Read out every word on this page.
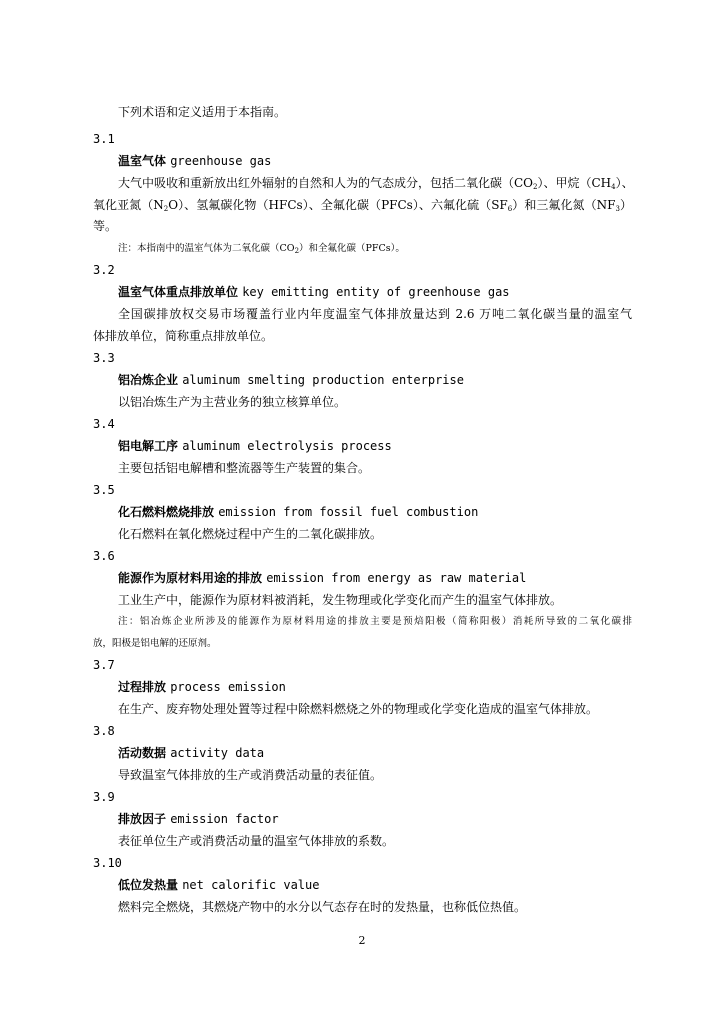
下列术语和定义适用于本指南。
3.1
温室气体 greenhouse gas
大气中吸收和重新放出红外辐射的自然和人为的气态成分，包括二氧化碳$(CO_2)$、甲烷$(CH_4)$、
氧化亚氮$(N_2O)$、氢氟碳化物（HFCs）、全氟化碳（PFCs）、六氟化硫$(SF_6)$和三氟化氮$(NF_3)$
等。
注：本指南中的温室气体为二氧化碳$(CO_2)$和全氟化碳（PFCs）。
3.2
温室气体重点排放单位 key emitting entity of greenhouse gas
全国碳排放权交易市场覆盖行业内年度温室气体排放量达到 2.6 万吨二氧化碳当量的温室气
体排放单位，简称重点排放单位。
3.3
铝冶炼企业 aluminum smelting production enterprise
以铝冶炼生产为主营业务的独立核算单位。
3.4
铝电解工序 aluminum electrolysis process
主要包括铝电解槽和整流器等生产装置的集合。
3.5
化石燃料燃烧排放 emission from fossil fuel combustion
化石燃料在氧化燃烧过程中产生的二氧化碳排放。
3.6
能源作为原材料用途的排放 emission from energy as raw material
工业生产中，能源作为原材料被消耗，发生物理或化学变化而产生的温室气体排放。
注：铝冶炼企业所涉及的能源作为原材料用途的排放主要是预焙阳极（简称阳极）消耗所导致的二氧化碳排
放，阳极是铝电解的还原剂。
3.7
过程排放 process emission
在生产、废弃物处理处置等过程中除燃料燃烧之外的物理或化学变化造成的温室气体排放。
3.8
活动数据 activity data
导致温室气体排放的生产或消费活动量的表征值。
3.9
排放因子 emission factor
表征单位生产或消费活动量的温室气体排放的系数。
3.10
低位发热量 net calorific value
燃料完全燃烧，其燃烧产物中的水分以气态存在时的发热量，也称低位热值。
2
